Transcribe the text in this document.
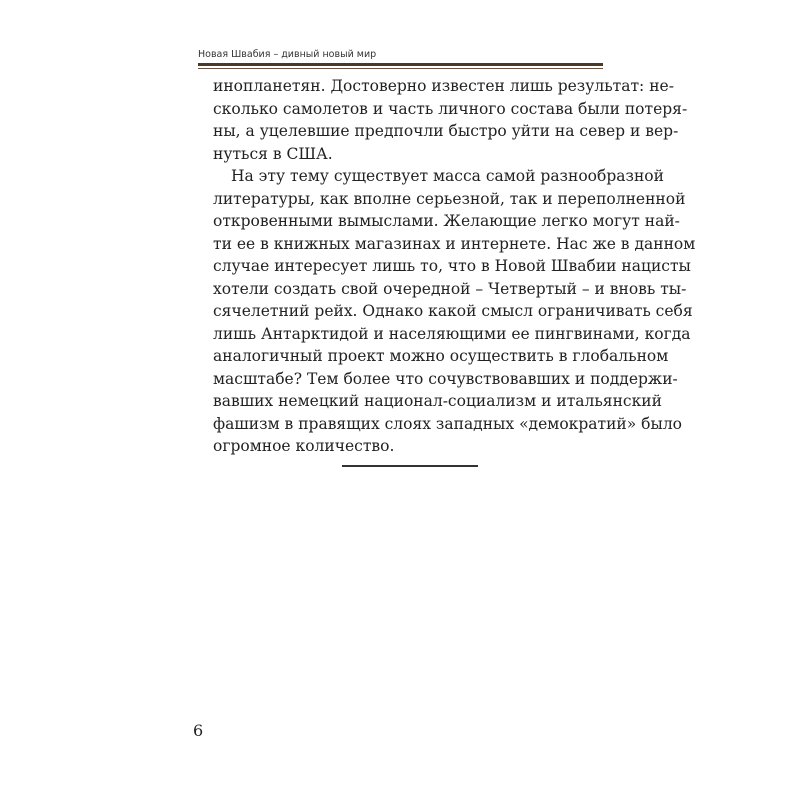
Новая Швабия – дивный новый мир
инопланетян. Достоверно известен лишь результат: не-
сколько самолетов и часть личного состава были потеря-
ны, а уцелевшие предпочли быстро уйти на север и вер-
нуться в США.
На эту тему существует масса самой разнообразной
литературы, как вполне серьезной, так и переполненной
откровенными вымыслами. Желающие легко могут най-
ти ее в книжных магазинах и интернете. Нас же в данном
случае интересует лишь то, что в Новой Швабии нацисты
хотели создать свой очередной – Четвертый – и вновь ты-
сячелетний рейх. Однако какой смысл ограничивать себя
лишь Антарктидой и населяющими ее пингвинами, когда
аналогичный проект можно осуществить в глобальном
масштабе? Тем более что сочувствовавших и поддержи-
вавших немецкий национал-социализм и итальянский
фашизм в правящих слоях западных «демократий» было
огромное количество.
6
